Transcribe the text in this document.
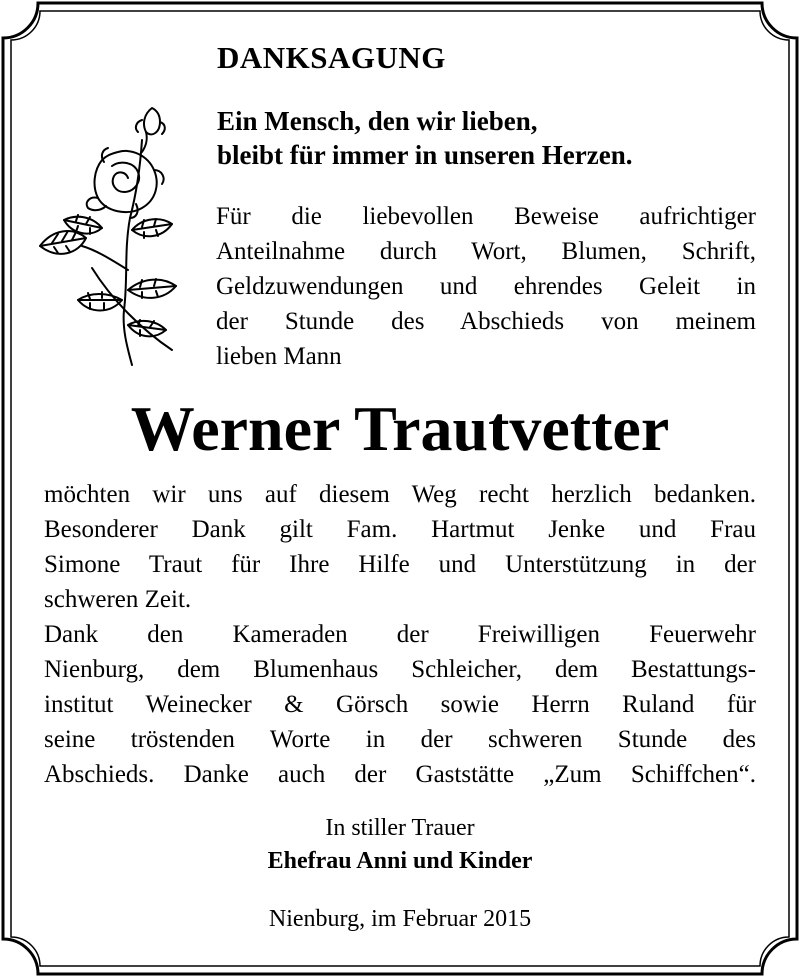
DANKSAGUNG
Ein Mensch, den wir lieben,
bleibt für immer in unseren Herzen.
Für die liebevollen Beweise aufrichtiger
Anteilnahme durch Wort, Blumen, Schrift,
Geldzuwendungen und ehrendes Geleit in
der Stunde des Abschieds von meinem
lieben Mann
Werner Trautvetter
möchten wir uns auf diesem Weg recht herzlich bedanken.
Besonderer Dank gilt Fam. Hartmut Jenke und Frau
Simone Traut für Ihre Hilfe und Unterstützung in der
schweren Zeit.
Dank den Kameraden der Freiwilligen Feuerwehr
Nienburg, dem Blumenhaus Schleicher, dem Bestattungs-
institut Weinecker & Görsch sowie Herrn Ruland für
seine tröstenden Worte in der schweren Stunde des
Abschieds. Danke auch der Gaststätte „Zum Schiffchen“.
In stiller Trauer
Ehefrau Anni und Kinder
Nienburg, im Februar 2015
